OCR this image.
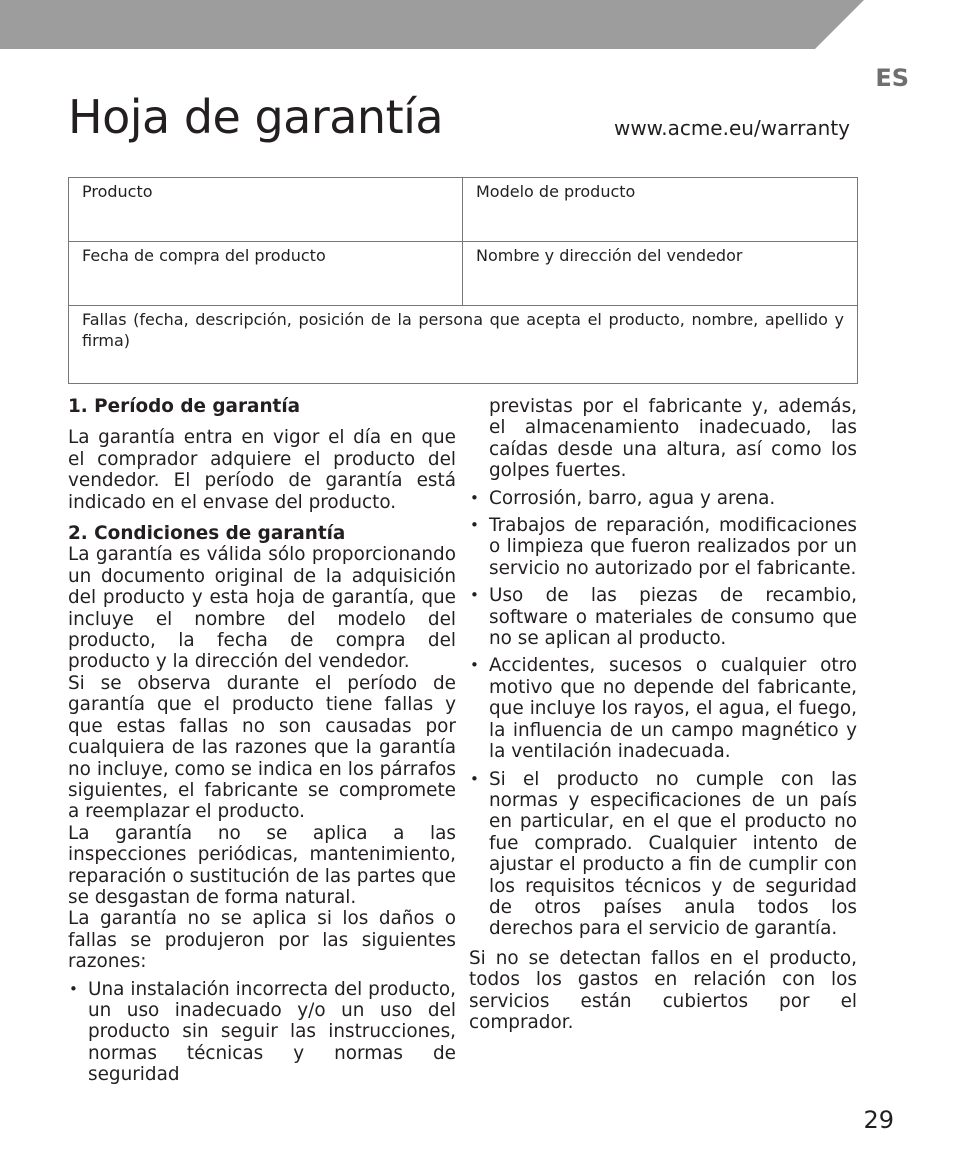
ES
Hoja de garantía	www.acme.eu/warranty
Producto	Modelo de producto
Fecha de compra del producto	Nombre y dirección del vendedor
Fallas (fecha, descripción, posición de la persona que acepta el producto, nombre, apellido y firma)	
1. Período de garantía

La garantía entra en vigor el día en que el comprador adquiere el producto del vendedor. El período de garantía está indicado en el envase del producto.

2. Condiciones de garantía

La garantía es válida sólo proporcionando un documento original de la adquisición del producto y esta hoja de garantía, que incluye el nombre del modelo del producto, la fecha de compra del producto y la dirección del vendedor.

Si se observa durante el período de garantía que el producto tiene fallas y que estas fallas no son causadas por cualquiera de las razones que la garantía no incluye, como se indica en los párrafos siguientes, el fabricante se compromete a reemplazar el producto.

La garantía no se aplica a las inspecciones periódicas, mantenimiento, reparación o sustitución de las partes que se desgastan de forma natural.

La garantía no se aplica si los daños o fallas se produjeron por las siguientes razones:

• Una instalación incorrecta del producto, un uso inadecuado y/o un uso del producto sin seguir las instrucciones, normas técnicas y normas de seguridad

previstas por el fabricante y, además, el almacenamiento inadecuado, las caídas desde una altura, así como los golpes fuertes.

• Corrosión, barro, agua y arena.
• Trabajos de reparación, modificaciones o limpieza que fueron realizados por un servicio no autorizado por el fabricante.
• Uso de las piezas de recambio, software o materiales de consumo que no se aplican al producto.
• Accidentes, sucesos o cualquier otro motivo que no depende del fabricante, que incluye los rayos, el agua, el fuego, la influencia de un campo magnético y la ventilación inadecuada.
• Si el producto no cumple con las normas y especificaciones de un país en particular, en el que el producto no fue comprado. Cualquier intento de ajustar el producto a fin de cumplir con los requisitos técnicos y de seguridad de otros países anula todos los derechos para el servicio de garantía.

Si no se detectan fallos en el producto, todos los gastos en relación con los servicios están cubiertos por el comprador.

29
